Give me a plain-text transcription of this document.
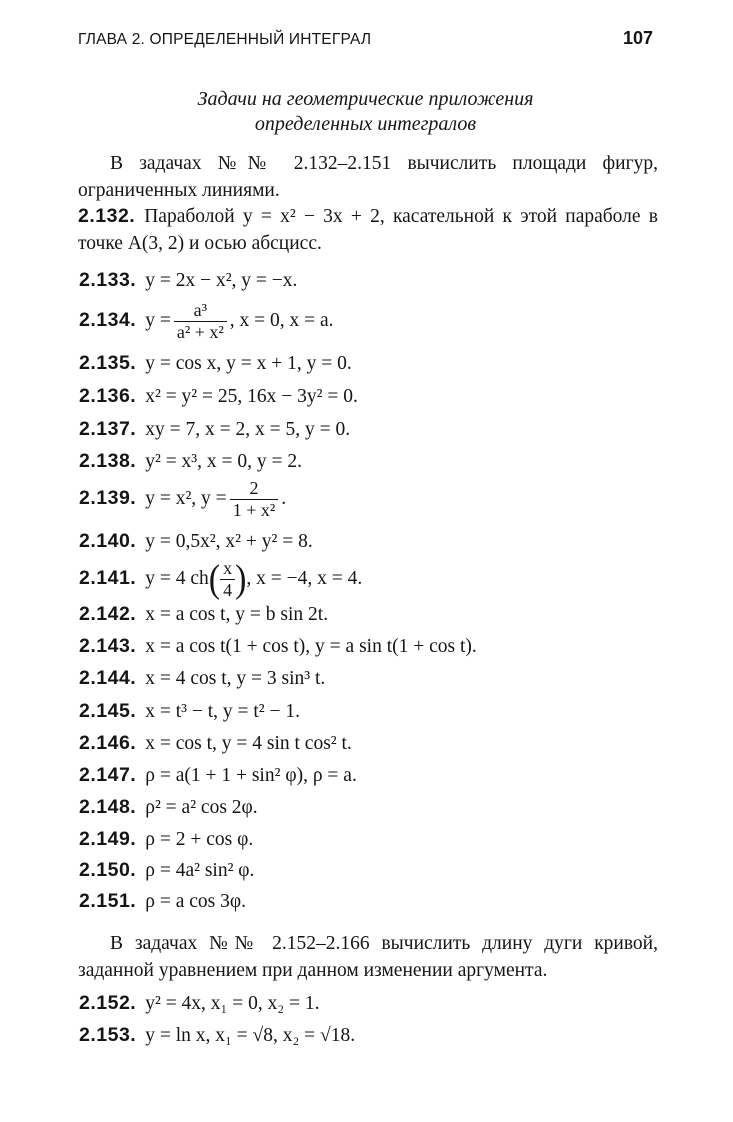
ГЛАВА 2. ОПРЕДЕЛЕННЫЙ ИНТЕГРАЛ	107
Задачи на геометрические приложения
определенных интегралов
В задачах №№ 2.132–2.151 вычислить площади фигур, ограниченных линиями.
2.132. Параболой y = x² − 3x + 2, касательной к этой параболе в точке A(3, 2) и осью абсцисс.
2.133. y = 2x − x², y = −x.
2.134. $y = \frac{\text{a³}}{\text{a² + x²}}$ , x = 0, x = a.
2.135. y = cos x, y = x + 1, y = 0.
2.136. x² = y² = 25, 16x − 3y² = 0.
2.137. xy = 7, x = 2, x = 5, y = 0.
2.138. y² = x³, x = 0, y = 2.
2.139. y = x², $y = \frac{2}{\text{1 + x²}}$ .
2.140. y = 0,5x², x² + y² = 8.
2.141. y = 4 $ch( \frac{x}{4}$ ), x = −4, x = 4.
2.142. x = a cos t, y = b sin 2t.
2.143. x = a cos t(1 + cos t), y = a sin t(1 + cos t).
2.144. x = 4 cos t, y = 3 sin³ t.
2.145. x = t³ − t, y = t² − 1.
2.146. x = cos t, y = 4 sin t cos² t.
2.147. ρ = a(1 + 1 + sin² φ), ρ = a.
2.148. ρ² = a² cos 2φ.
2.149. ρ = 2 + cos φ.
2.150. ρ = 4a² sin² φ.
2.151. ρ = a cos 3φ.
В задачах №№ 2.152–2.166 вычислить длину дуги кривой, заданной уравнением при данном изменении аргумента.
2.152. y² = 4x, x₁ = 0, x₂ = 1.
2.153. y = ln x, x₁ = √8, x₂ = √18.
